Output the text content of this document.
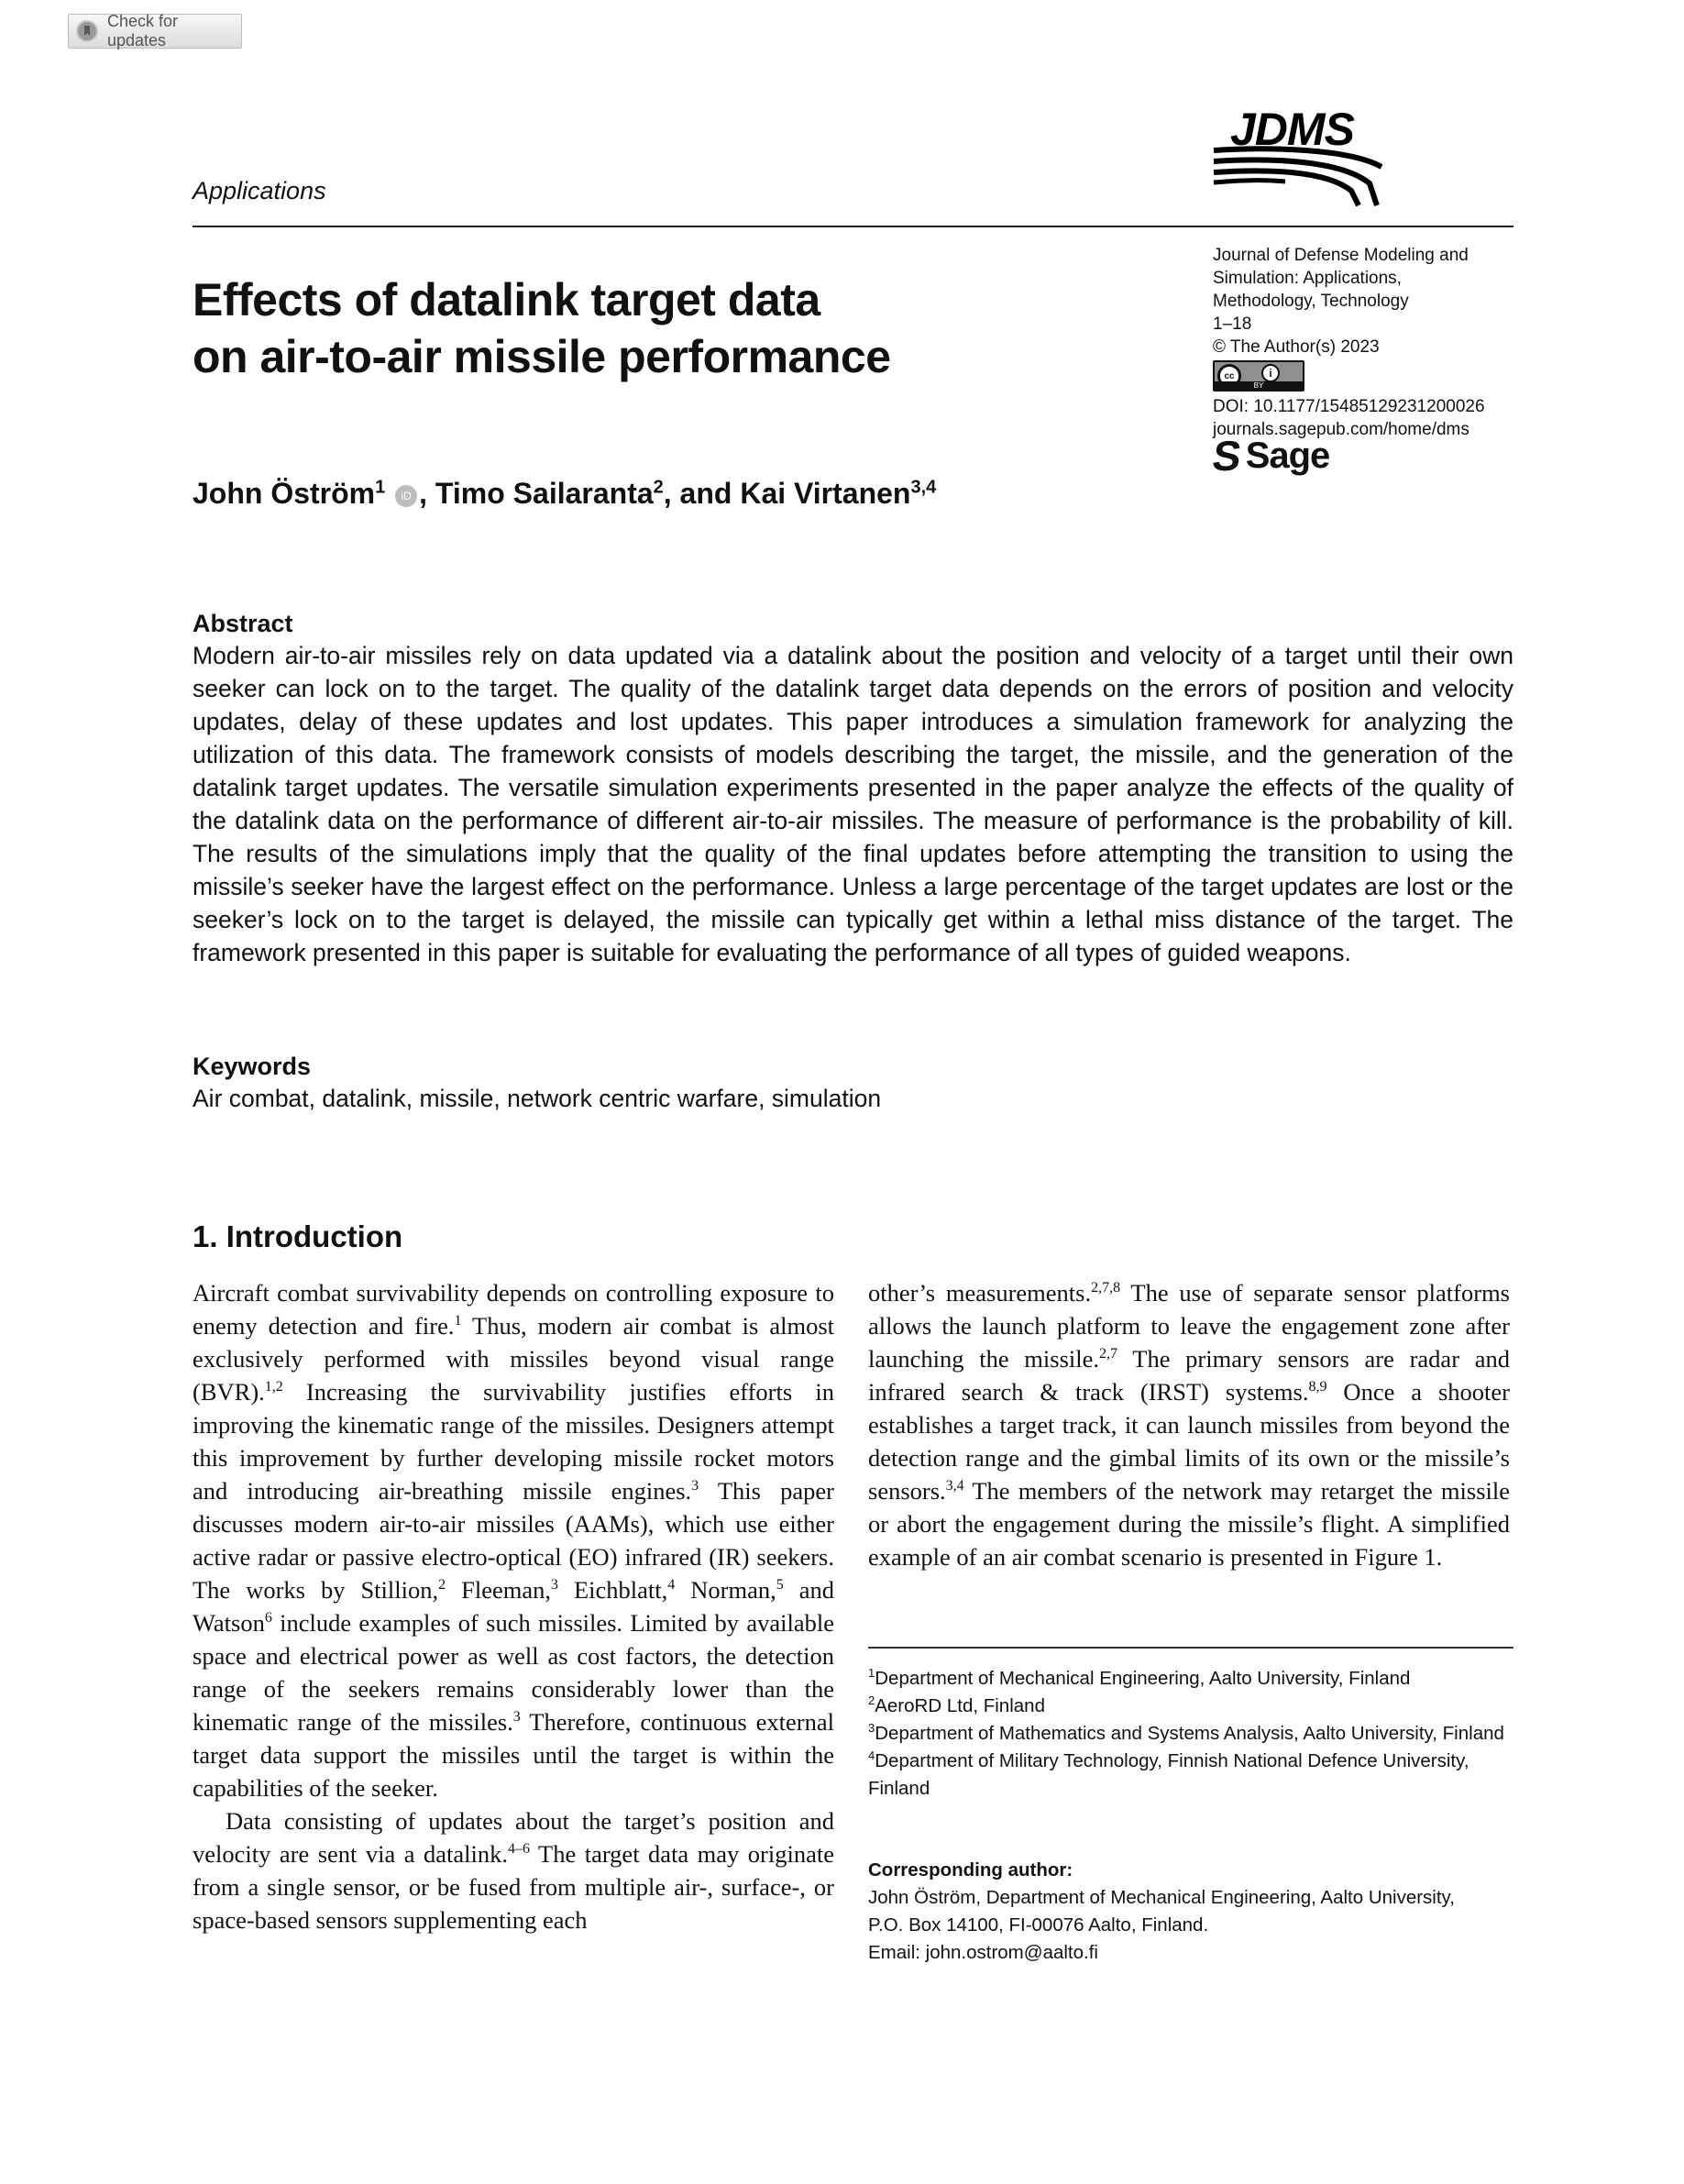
Check for updates
Applications
JDMS
Journal of Defense Modeling and
Simulation: Applications,
Methodology, Technology
1–18
© The Author(s) 2023
cc	i
BY
DOI: 10.1177/15485129231200026
journals.sagepub.com/home/dms
S Sage
Effects of datalink target data
on air-to-air missile performance
John Öström$^1$ iD , Timo Sailaranta$^2$, and Kai Virtanen$^{3,4}$
Abstract
Modern air-to-air missiles rely on data updated via a datalink about the position and velocity of a target until their own seeker can lock on to the target. The quality of the datalink target data depends on the errors of position and velocity updates, delay of these updates and lost updates. This paper introduces a simulation framework for analyzing the utilization of this data. The framework consists of models describing the target, the missile, and the generation of the datalink target updates. The versatile simulation experiments presented in the paper analyze the effects of the quality of the datalink data on the performance of different air-to-air missiles. The measure of performance is the probability of kill. The results of the simulations imply that the quality of the final updates before attempting the transition to using the missile’s seeker have the largest effect on the performance. Unless a large percentage of the target updates are lost or the seeker’s lock on to the target is delayed, the missile can typically get within a lethal miss distance of the target. The framework presented in this paper is suitable for evaluating the performance of all types of guided weapons.
Keywords
Air combat, datalink, missile, network centric warfare, simulation
1. Introduction

Aircraft combat survivability depends on controlling exposure to enemy detection and fire.$^1$ Thus, modern air combat is almost exclusively performed with missiles beyond visual range (BVR).$^{1,2}$ Increasing the survivability justifies efforts in improving the kinematic range of the missiles. Designers attempt this improvement by further developing missile rocket motors and introducing air-breathing missile engines.$^3$ This paper discusses modern air-to-air missiles (AAMs), which use either active radar or passive electro-optical (EO) infrared (IR) seekers. The works by Stillion,$^2$ Fleeman,$^3$ Eichblatt,$^4$ Norman,$^5$ and Watson$^6$ include examples of such missiles. Limited by available space and electrical power as well as cost factors, the detection range of the seekers remains considerably lower than the kinematic range of the missiles.$^3$ Therefore, continuous external target data support the missiles until the target is within the capabilities of the seeker.

Data consisting of updates about the target’s position and velocity are sent via a datalink.$^{4-6}$ The target data may originate from a single sensor, or be fused from multiple air-, surface-, or space-based sensors supplementing each

other’s measurements.$^{2,7,8}$ The use of separate sensor platforms allows the launch platform to leave the engagement zone after launching the missile.$^{2,7}$ The primary sensors are radar and infrared search & track (IRST) systems.$^{8,9}$ Once a shooter establishes a target track, it can launch missiles from beyond the detection range and the gimbal limits of its own or the missile’s sensors.$^{3,4}$ The members of the network may retarget the missile or abort the engagement during the missile’s flight. A simplified example of an air combat scenario is presented in Figure 1.

$^1$Department of Mechanical Engineering, Aalto University, Finland
$^2$AeroRD Ltd, Finland
$^3$Department of Mathematics and Systems Analysis, Aalto University, Finland
$^4$Department of Military Technology, Finnish National Defence University, Finland
Corresponding author:
John Öström, Department of Mechanical Engineering, Aalto University,
P.O. Box 14100, FI-00076 Aalto, Finland.
Email: john.ostrom@aalto.fi
